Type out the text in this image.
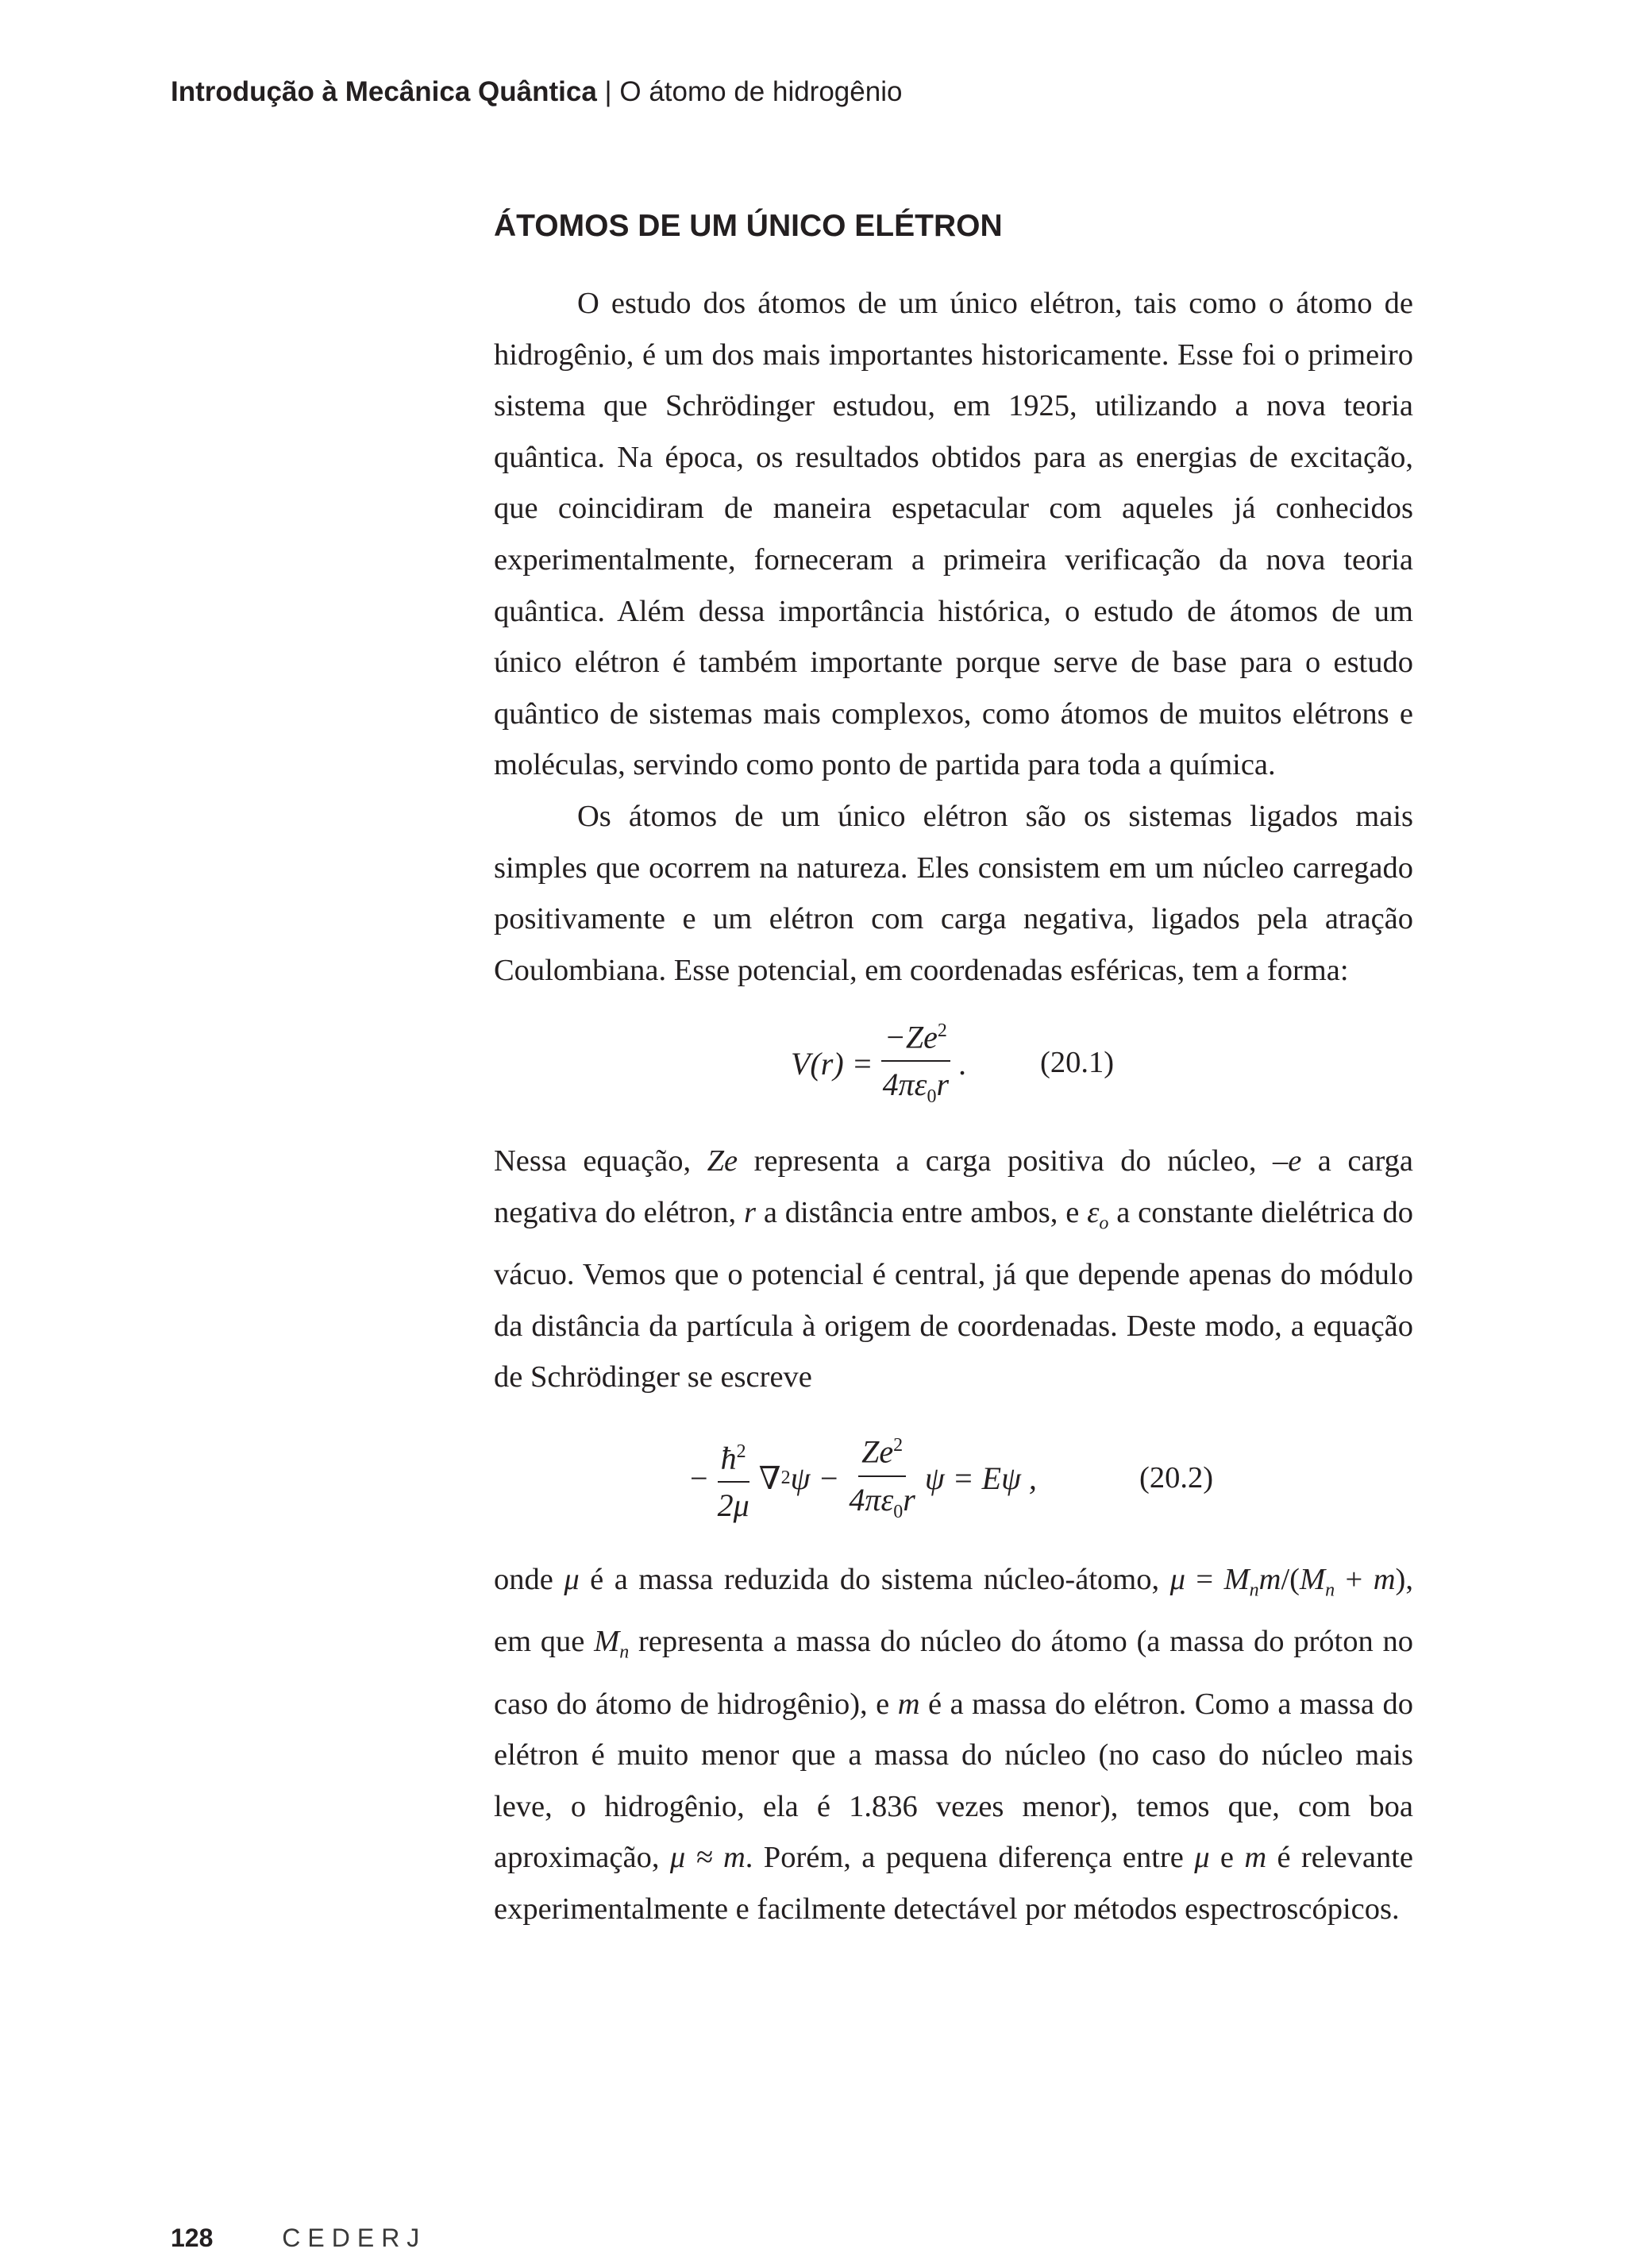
Introdução à Mecânica Quântica | O átomo de hidrogênio
ÁTOMOS DE UM ÚNICO ELÉTRON

O estudo dos átomos de um único elétron, tais como o átomo de hidrogênio, é um dos mais importantes historicamente. Esse foi o primeiro sistema que Schrödinger estudou, em 1925, utilizando a nova teoria quântica. Na época, os resultados obtidos para as energias de excitação, que coincidiram de maneira espetacular com aqueles já conhecidos experimentalmente, forneceram a primeira verificação da nova teoria quântica. Além dessa importância histórica, o estudo de átomos de um único elétron é também importante porque serve de base para o estudo quântico de sistemas mais complexos, como átomos de muitos elétrons e moléculas, servindo como ponto de partida para toda a química.

Os átomos de um único elétron são os sistemas ligados mais simples que ocorrem na natureza. Eles consistem em um núcleo carregado positivamente e um elétron com carga negativa, ligados pela atração Coulombiana. Esse potencial, em coordenadas esféricas, tem a forma:

$V(r) = \frac{-Ze^2}{4\pi\varepsilon_0r}$ . (20.1)

Nessa equação, Ze representa a carga positiva do núcleo, –e a carga negativa do elétron, r a distância entre ambos, e $\varepsilon_o$ a constante dielétrica do vácuo. Vemos que o potencial é central, já que depende apenas do módulo da distância da partícula à origem de coordenadas. Deste modo, a equação de Schrödinger se escreve

− $\frac{ħ^2}{2\mu}$ ∇ 2 $\psi - \frac{Ze^2}{4\pi\varepsilon_0r}$ ψ = Eψ ,	(20.2)

onde μ é a massa reduzida do sistema núcleo-átomo, $\mu = M_nm/(M_n + m)$, em que $M_n$ representa a massa do núcleo do átomo (a massa do próton no caso do átomo de hidrogênio), e m é a massa do elétron. Como a massa do elétron é muito menor que a massa do núcleo (no caso do núcleo mais leve, o hidrogênio, ela é 1.836 vezes menor), temos que, com boa aproximação, μ ≈ m. Porém, a pequena diferença entre μ e m é relevante experimentalmente e facilmente detectável por métodos espectroscópicos.

128	CEDERJ
